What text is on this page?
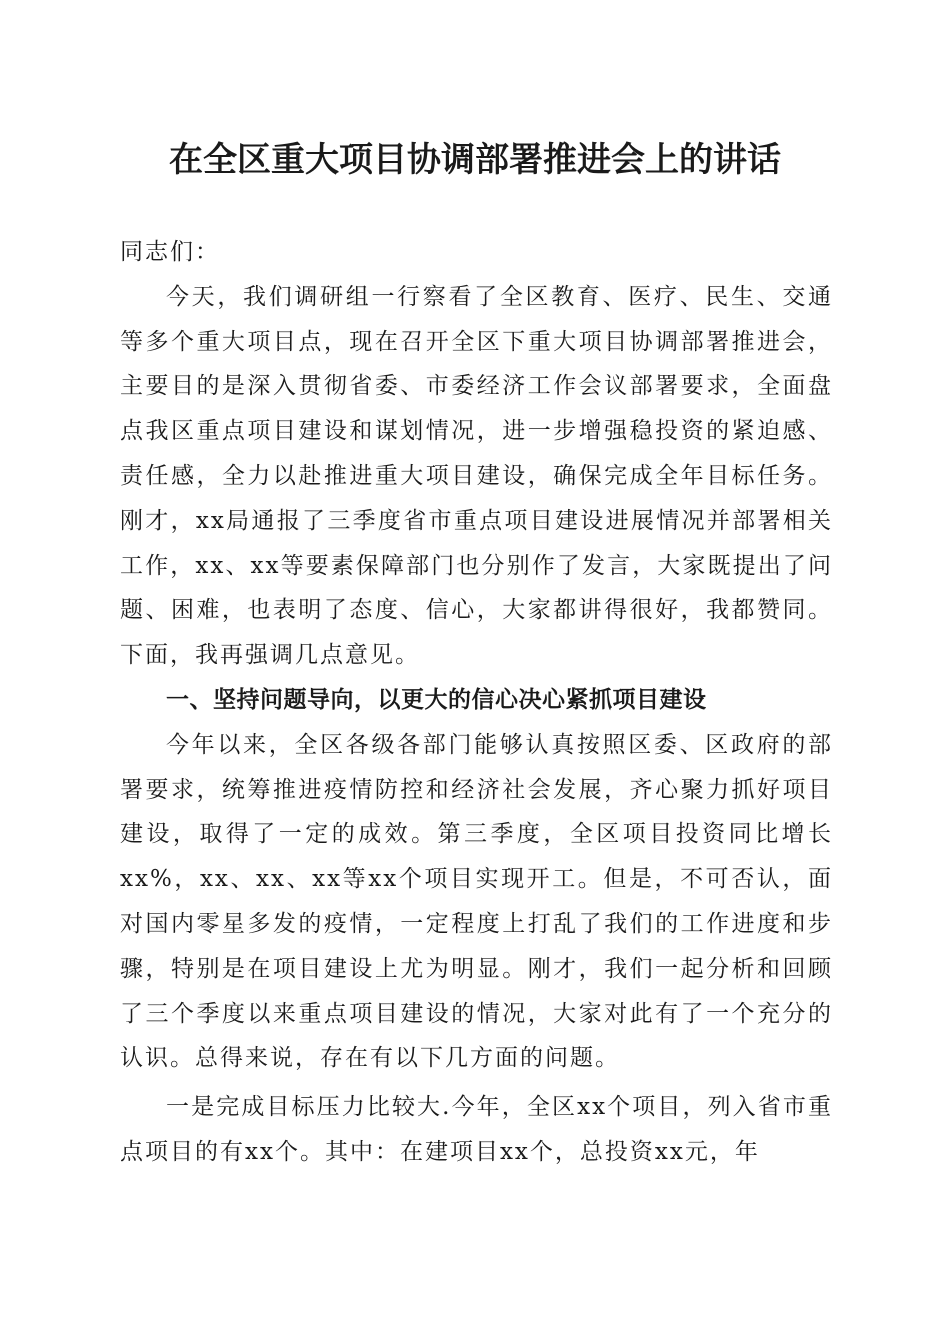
在全区重大项目协调部署推进会上的讲话

同志们：

今天，我们调研组一行察看了全区教育、医疗、民生、交通等多个重大项目点，现在召开全区下重大项目协调部署推进会，主要目的是深入贯彻省委、市委经济工作会议部署要求，全面盘点我区重点项目建设和谋划情况，进一步增强稳投资的紧迫感、责任感，全力以赴推进重大项目建设，确保完成全年目标任务。刚才，xx局通报了三季度省市重点项目建设进展情况并部署相关工作，xx、xx等要素保障部门也分别作了发言，大家既提出了问题、困难，也表明了态度、信心，大家都讲得很好，我都赞同。下面，我再强调几点意见。

一、坚持问题导向，以更大的信心决心紧抓项目建设

今年以来，全区各级各部门能够认真按照区委、区政府的部署要求，统筹推进疫情防控和经济社会发展，齐心聚力抓好项目建设，取得了一定的成效。第三季度，全区项目投资同比增长xx%，xx、xx、xx等xx个项目实现开工。但是，不可否认，面对国内零星多发的疫情，一定程度上打乱了我们的工作进度和步骤，特别是在项目建设上尤为明显。刚才，我们一起分析和回顾了三个季度以来重点项目建设的情况，大家对此有了一个充分的认识。总得来说，存在有以下几方面的问题。

一是完成目标压力比较大.今年，全区xx个项目，列入省市重点项目的有xx个。其中：在建项目xx个，总投资xx元，年
